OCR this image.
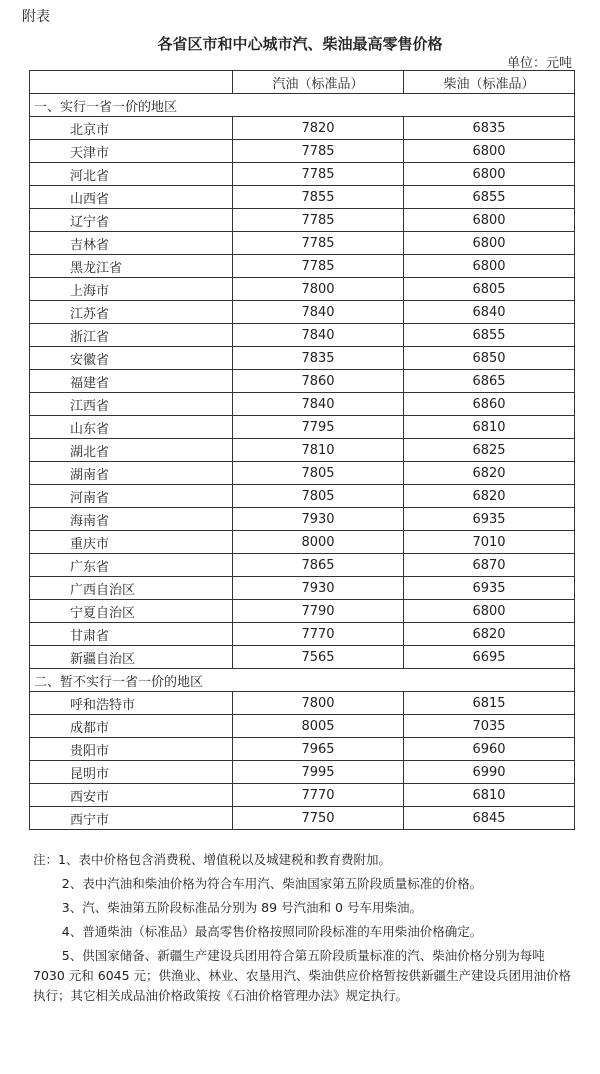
附表
各省区市和中心城市汽、柴油最高零售价格
单位：元吨
	汽油（标准品）	柴油（标准品）
一、实行一省一价的地区		
北京市	7820	6835
天津市	7785	6800
河北省	7785	6800
山西省	7855	6855
辽宁省	7785	6800
吉林省	7785	6800
黑龙江省	7785	6800
上海市	7800	6805
江苏省	7840	6840
浙江省	7840	6855
安徽省	7835	6850
福建省	7860	6865
江西省	7840	6860
山东省	7795	6810
湖北省	7810	6825
湖南省	7805	6820
河南省	7805	6820
海南省	7930	6935
重庆市	8000	7010
广东省	7865	6870
广西自治区	7930	6935
宁夏自治区	7790	6800
甘肃省	7770	6820
新疆自治区	7565	6695
二、暂不实行一省一价的地区		
呼和浩特市	7800	6815
成都市	8005	7035
贵阳市	7965	6960
昆明市	7995	6990
西安市	7770	6810
西宁市	7750	6845

注：1、表中价格包含消费税、增值税以及城建税和教育费附加。

2、表中汽油和柴油价格为符合车用汽、柴油国家第五阶段质量标准的价格。

3、汽、柴油第五阶段标准品分别为 89 号汽油和 0 号车用柴油。

4、普通柴油（标准品）最高零售价格按照同阶段标准的车用柴油价格确定。

5、供国家储备、新疆生产建设兵团用符合第五阶段质量标准的汽、柴油价格分别为每吨 7030 元和 6045 元；供渔业、林业、农垦用汽、柴油供应价格暂按供新疆生产建设兵团用油价格执行；其它相关成品油价格政策按《石油价格管理办法》规定执行。
